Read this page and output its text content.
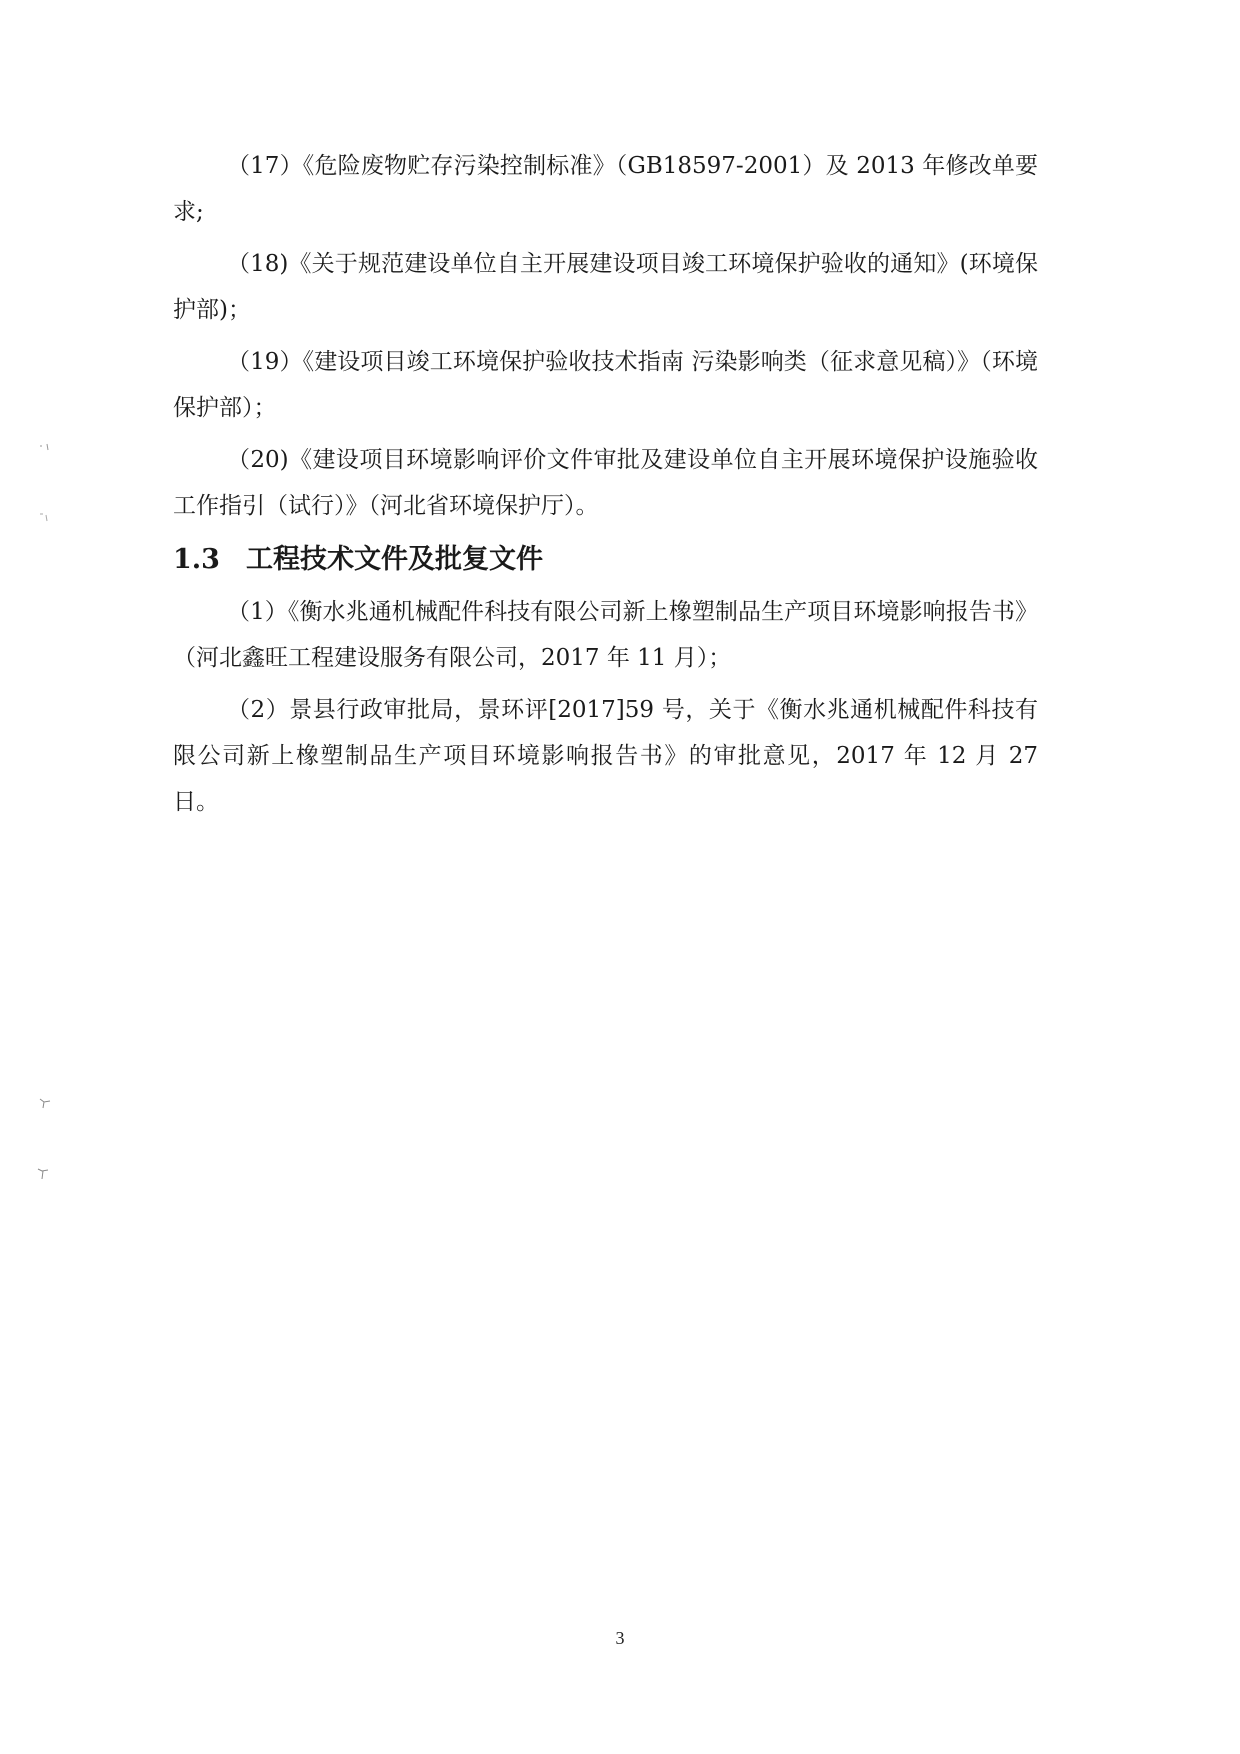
（17）《危险废物贮存污染控制标准》（GB18597-2001）及 2013 年修改单要求;

（18)《关于规范建设单位自主开展建设项目竣工环境保护验收的通知》(环境保护部)；

（19）《建设项目竣工环境保护验收技术指南 污染影响类（征求意见稿）》（环境保护部）；

（20)《建设项目环境影响评价文件审批及建设单位自主开展环境保护设施验收工作指引（试行）》（河北省环境保护厅）。

1.3 工程技术文件及批复文件

（1）《衡水兆通机械配件科技有限公司新上橡塑制品生产项目环境影响报告书》（河北鑫旺工程建设服务有限公司，2017 年 11 月）；

（2）景县行政审批局，景环评[2017]59 号，关于《衡水兆通机械配件科技有限公司新上橡塑制品生产项目环境影响报告书》的审批意见，2017 年 12 月 27 日。

3
